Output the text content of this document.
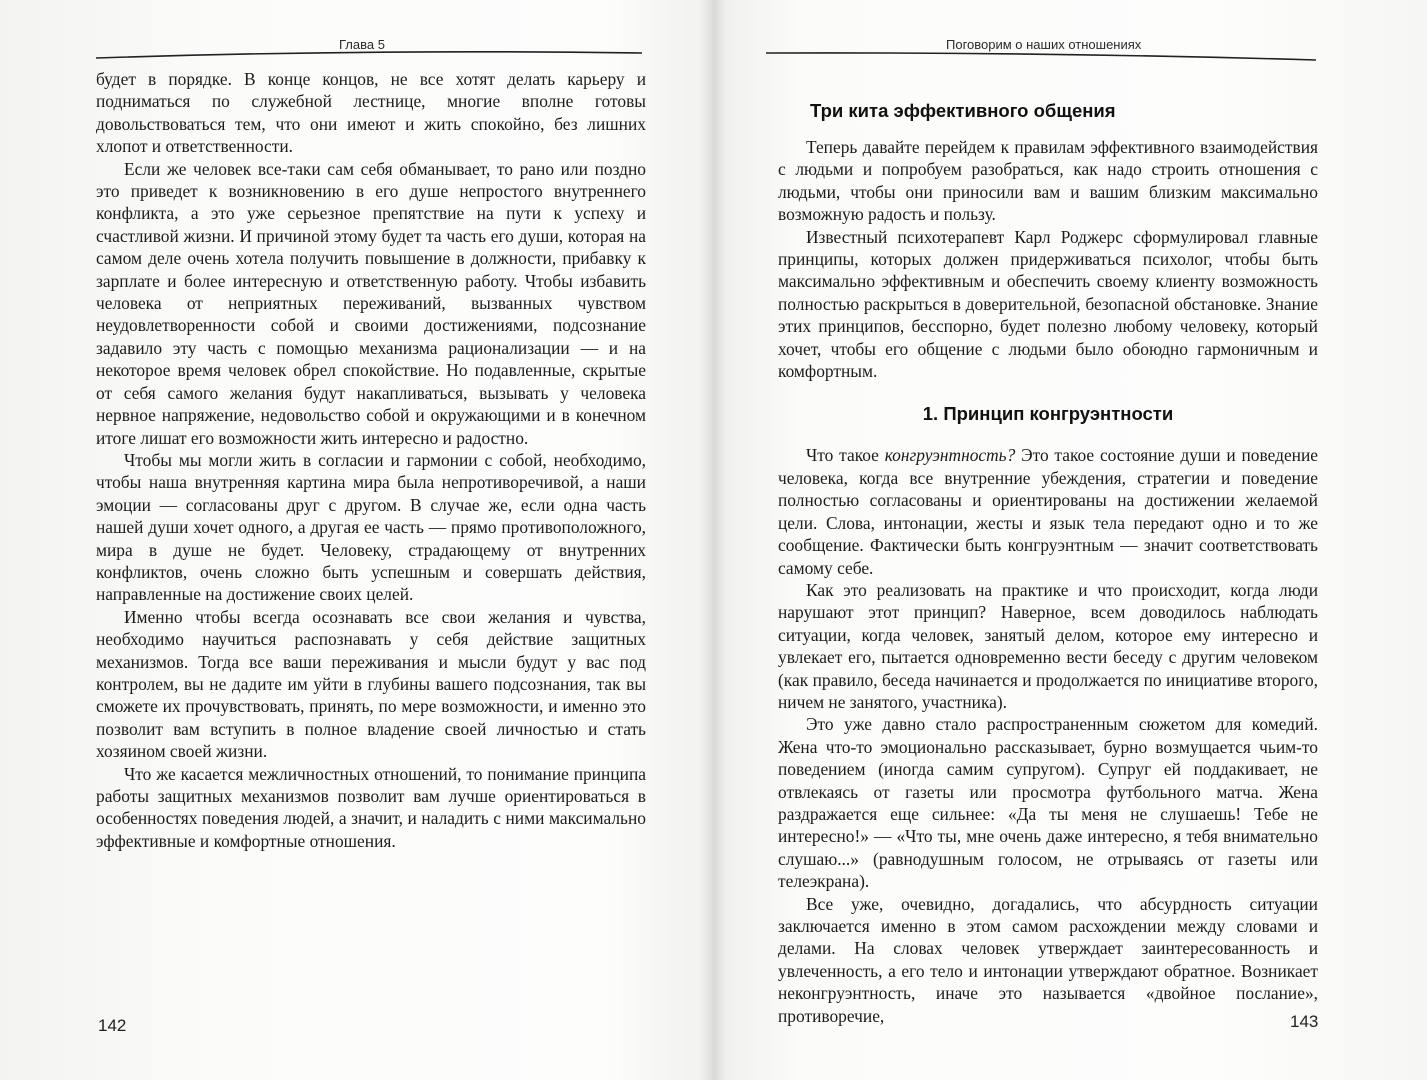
Глава 5

будет в порядке. В конце концов, не все хотят делать карьеру и подниматься по служебной лестнице, многие вполне готовы довольствоваться тем, что они имеют и жить спокойно, без лишних хлопот и ответственности.

Если же человек все-таки сам себя обманывает, то рано или поздно это приведет к возникновению в его душе непростого внутреннего конфликта, а это уже серьезное препятствие на пути к успеху и счастливой жизни. И причиной этому будет та часть его души, которая на самом деле очень хотела получить повышение в должности, прибавку к зарплате и более интересную и ответственную работу. Чтобы избавить человека от неприятных переживаний, вызванных чувством неудовлетворенности собой и своими достижениями, подсознание задавило эту часть с помощью механизма рационализации — и на некоторое время человек обрел спокойствие. Но подавленные, скрытые от себя самого желания будут накапливаться, вызывать у человека нервное напряжение, недовольство собой и окружающими и в конечном итоге лишат его возможности жить интересно и радостно.

Чтобы мы могли жить в согласии и гармонии с собой, необходимо, чтобы наша внутренняя картина мира была непротиворечивой, а наши эмоции — согласованы друг с другом. В случае же, если одна часть нашей души хочет одного, а другая ее часть — прямо противоположного, мира в душе не будет. Человеку, страдающему от внутренних конфликтов, очень сложно быть успешным и совершать действия, направленные на достижение своих целей.

Именно чтобы всегда осознавать все свои желания и чувства, необходимо научиться распознавать у себя действие защитных механизмов. Тогда все ваши переживания и мысли будут у вас под контролем, вы не дадите им уйти в глубины вашего подсознания, так вы сможете их прочувствовать, принять, по мере возможности, и именно это позволит вам вступить в полное владение своей личностью и стать хозяином своей жизни.

Что же касается межличностных отношений, то понимание принципа работы защитных механизмов позволит вам лучше ориентироваться в особенностях поведения людей, а значит, и наладить с ними максимально эффективные и комфортные отношения.

142
Поговорим о наших отношениях
143
Три кита эффективного общения

Теперь давайте перейдем к правилам эффективного взаимодействия с людьми и попробуем разобраться, как надо строить отношения с людьми, чтобы они приносили вам и вашим близким максимально возможную радость и пользу.

Известный психотерапевт Карл Роджерс сформулировал главные принципы, которых должен придерживаться психолог, чтобы быть максимально эффективным и обеспечить своему клиенту возможность полностью раскрыться в доверительной, безопасной обстановке. Знание этих принципов, бесспорно, будет полезно любому человеку, который хочет, чтобы его общение с людьми было обоюдно гармоничным и комфортным.

1. Принцип конгруэнтности

Что такое конгруэнтность? Это такое состояние души и поведение человека, когда все внутренние убеждения, стратегии и поведение полностью согласованы и ориентированы на достижении желаемой цели. Слова, интонации, жесты и язык тела передают одно и то же сообщение. Фактически быть конгруэнтным — значит соответствовать самому себе.

Как это реализовать на практике и что происходит, когда люди нарушают этот принцип? Наверное, всем доводилось наблюдать ситуации, когда человек, занятый делом, которое ему интересно и увлекает его, пытается одновременно вести беседу с другим человеком (как правило, беседа начинается и продолжается по инициативе второго, ничем не занятого, участника).

Это уже давно стало распространенным сюжетом для комедий. Жена что-то эмоционально рассказывает, бурно возмущается чьим-то поведением (иногда самим супругом). Супруг ей поддакивает, не отвлекаясь от газеты или просмотра футбольного матча. Жена раздражается еще сильнее: «Да ты меня не слушаешь! Тебе не интересно!» — «Что ты, мне очень даже интересно, я тебя внимательно слушаю...» (равнодушным голосом, не отрываясь от газеты или телеэкрана).

Все уже, очевидно, догадались, что абсурдность ситуации заключается именно в этом самом расхождении между словами и делами. На словах человек утверждает заинтересованность и увлеченность, а его тело и интонации утверждают обратное. Возникает неконгруэнтность, иначе это называется «двойное послание», противоречие,
